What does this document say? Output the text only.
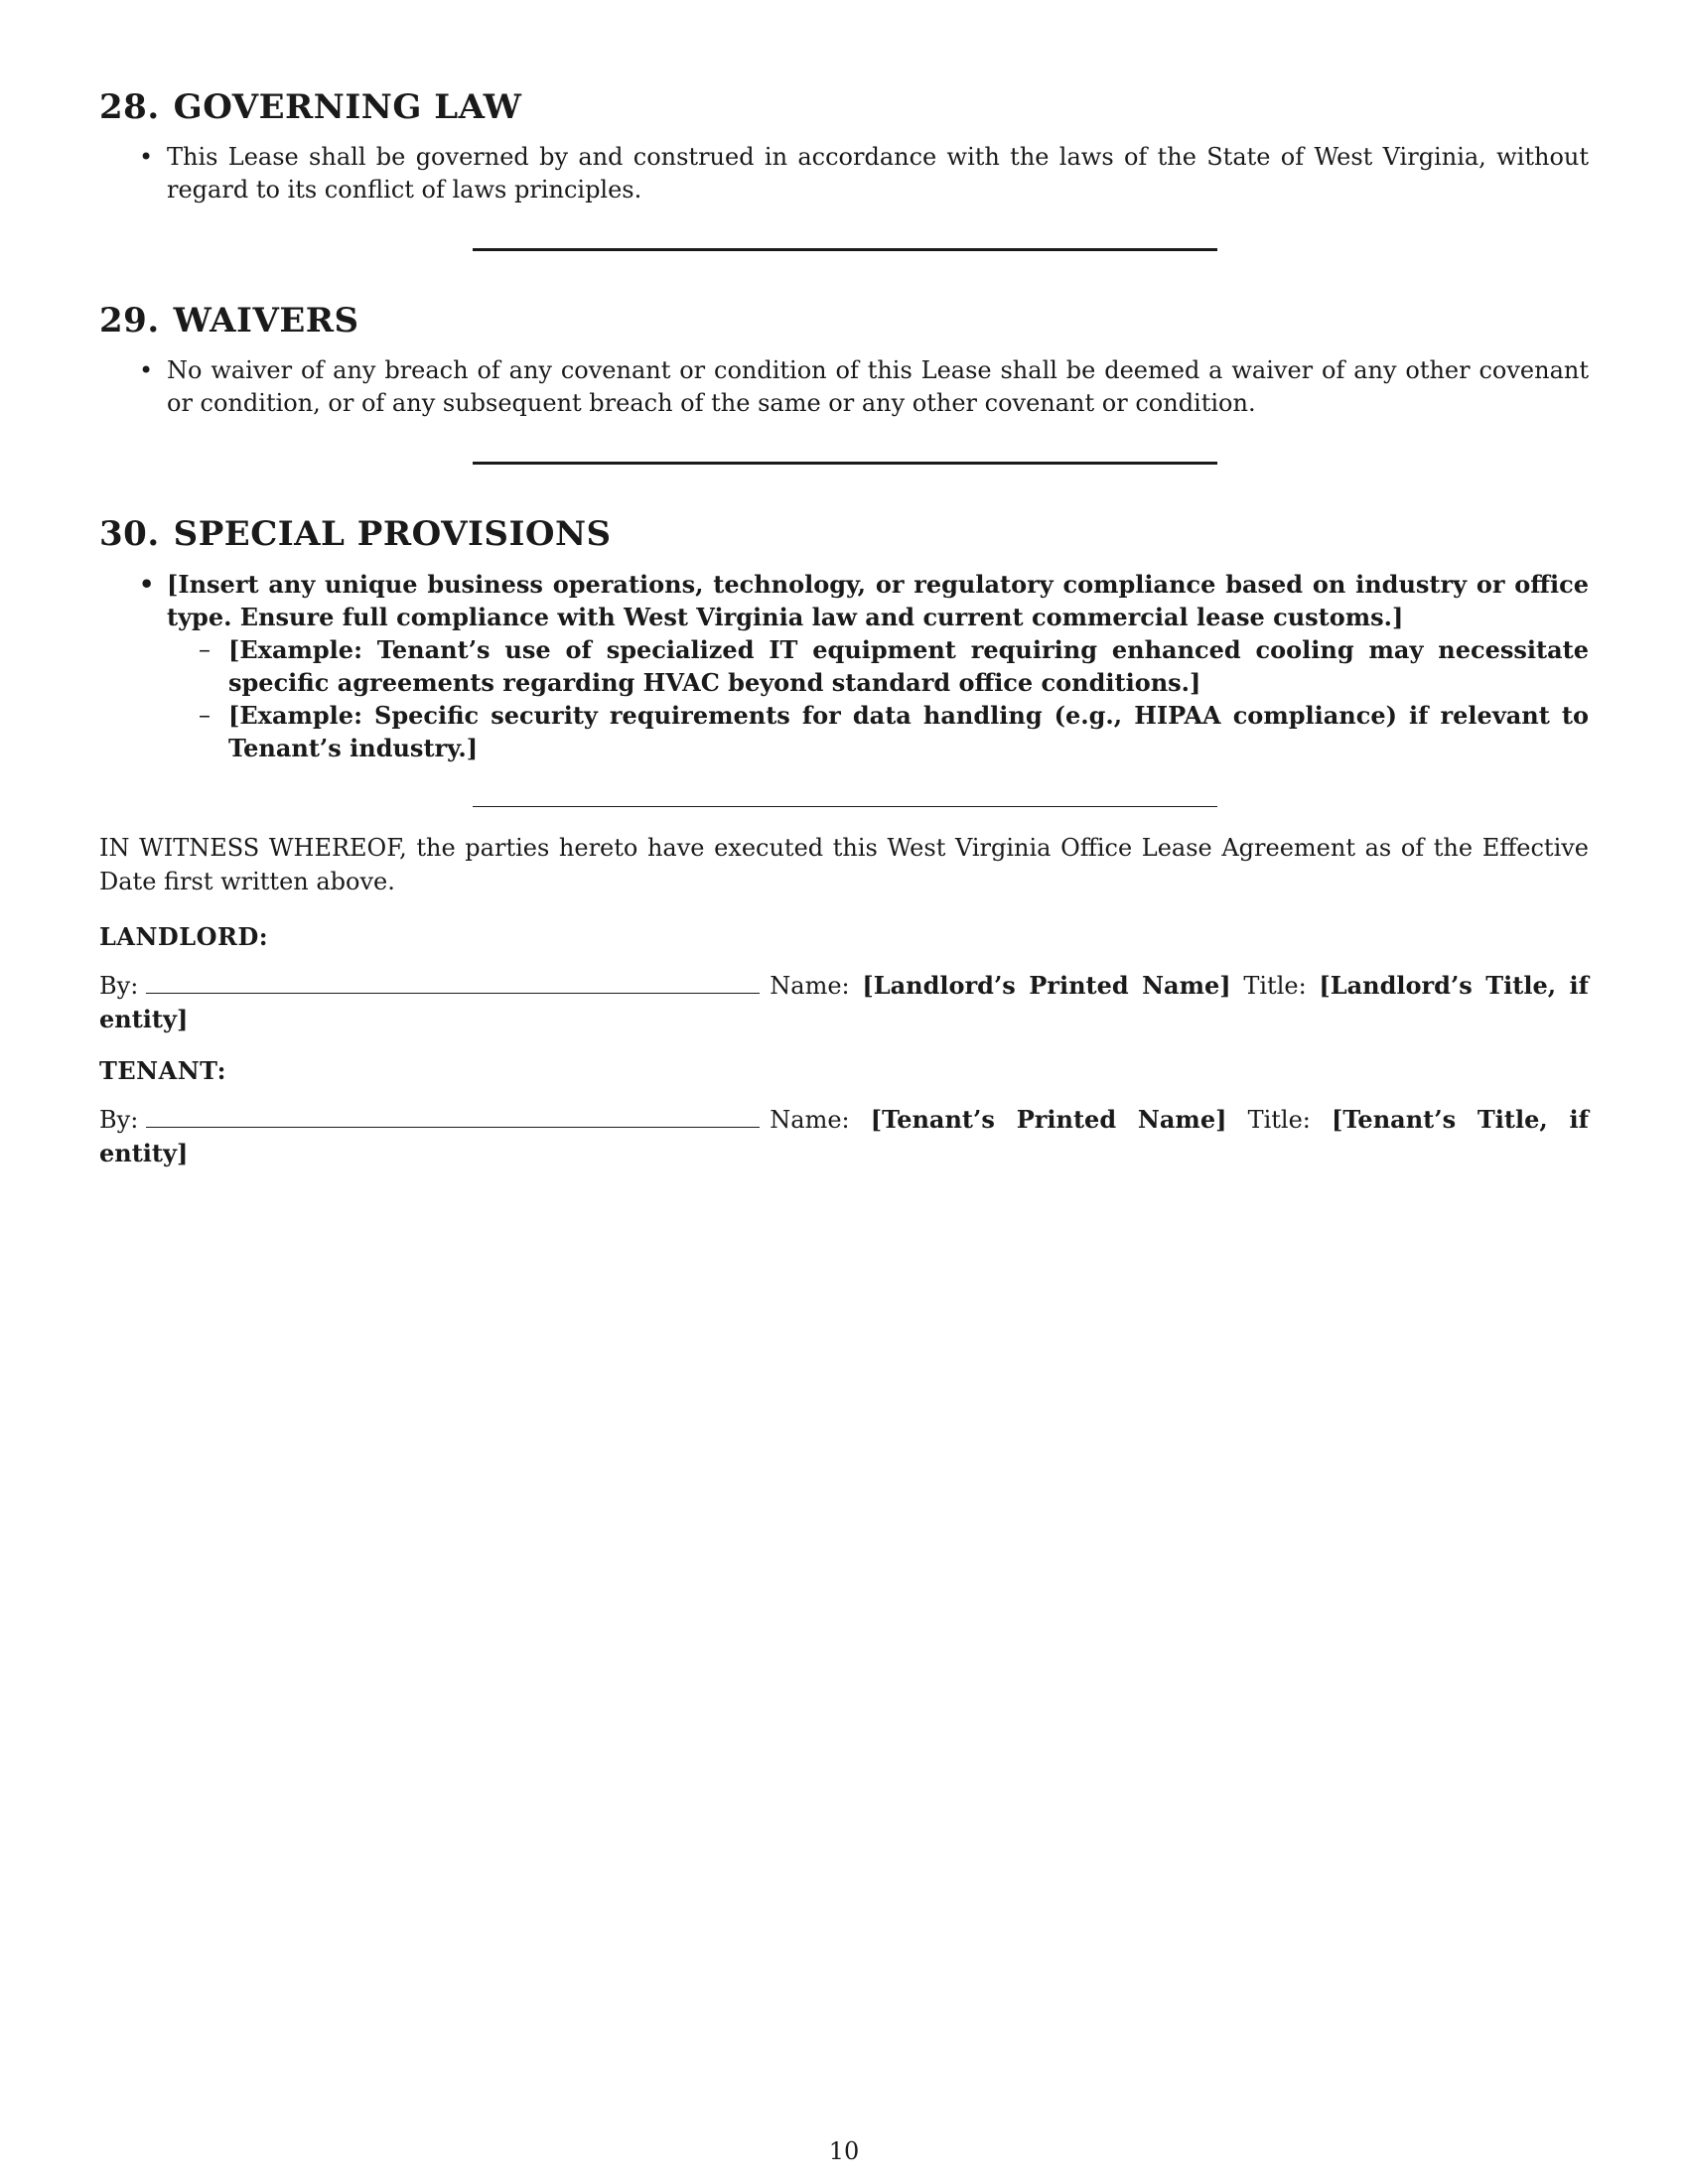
28. GOVERNING LAW
• This Lease shall be governed by and construed in accordance with the laws of the State of West Virginia, without regard to its conflict of laws principles.
29. WAIVERS
• No waiver of any breach of any covenant or condition of this Lease shall be deemed a waiver of any other covenant or condition, or of any subsequent breach of the same or any other covenant or condition.
30. SPECIAL PROVISIONS
• [Insert any unique business operations, technology, or regulatory compliance based on industry or office type. Ensure full compliance with West Virginia law and current commercial lease customs.]
– [Example: Tenant’s use of specialized IT equipment requiring enhanced cooling may necessitate specific agreements regarding HVAC beyond standard office conditions.]
– [Example: Specific security requirements for data handling (e.g., HIPAA compliance) if relevant to Tenant’s industry.]

IN WITNESS WHEREOF, the parties hereto have executed this West Virginia Office Lease Agreement as of the Effective Date first written above.

LANDLORD:
By:	Name: [Landlord’s Printed Name] Title: [Landlord’s Title, if entity]
TENANT:
By:	Name: [Tenant’s Printed Name] Title: [Tenant’s Title, if entity]
10
